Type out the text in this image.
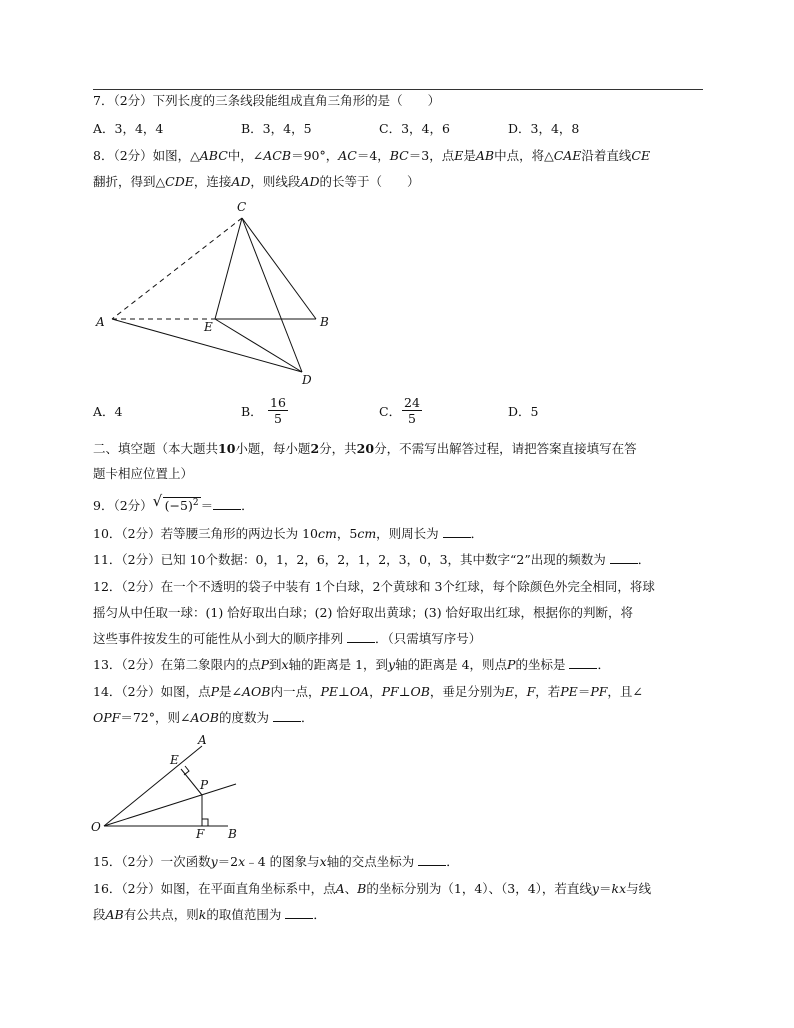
7．（2分）下列长度的三条线段能组成直角三角形的是（　　）
A．3，4，4	B．3，4，5	C．3，4，6	D．3，4，8
8．（2分）如图，△ABC中，∠ACB＝90°，AC＝4，BC＝3，点E是AB中点，将△CAE沿着直线CE
翻折，得到△CDE，连接AD，则线段AD的长等于（　　）
C
A	E	B
D
A．4	B． $\frac{16}{5}$	C． $\frac{24}{5}$	D．5
二、填空题（本大题共10小题，每小题2分，共20分，不需写出解答过程，请把答案直接填写在答
题卡相应位置上）
9．（2分） √ $(-5)^2$ ＝ ．
10．（2分）若等腰三角形的两边长为 10cm，5cm，则周长为	．
11．（2分）已知 10个数据：0，1，2，6，2，1，2，3，0，3，其中数字“2”出现的频数为	．
12．（2分）在一个不透明的袋子中装有 1个白球，2个黄球和 3个红球，每个除颜色外完全相同，将球
摇匀从中任取一球：(1) 恰好取出白球；(2) 恰好取出黄球；(3) 恰好取出红球，根据你的判断，将
这些事件按发生的可能性从小到大的顺序排列	．（只需填写序号）
13．（2分）在第二象限内的点P到x轴的距离是 1，到y轴的距离是 4，则点P的坐标是	．
14．（2分）如图，点P是∠AOB内一点，PE⊥OA，PF⊥OB，垂足分别为E，F，若PE＝PF，且∠
OPF＝72°，则∠AOB的度数为	．
A
E
P
O	F B
15．（2分）一次函数y＝2x﹣4 的图象与x轴的交点坐标为	．
16．（2分）如图，在平面直角坐标系中，点A、B的坐标分别为（1，4）、（3，4），若直线y＝kx与线
段AB有公共点，则k的取值范围为	．
